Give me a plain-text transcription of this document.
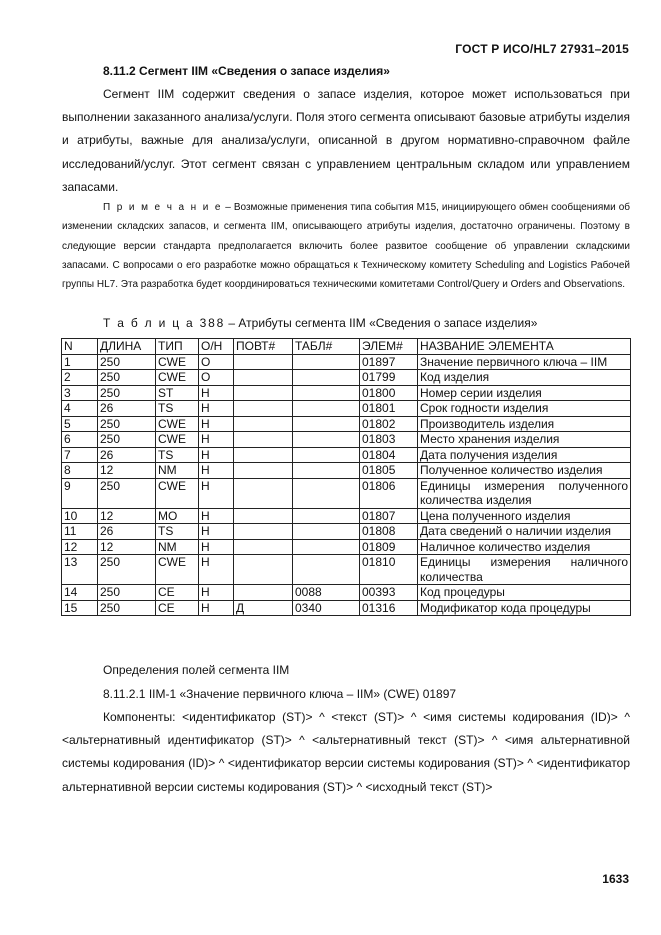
ГОСТ Р ИСО/HL7 27931–2015
8.11.2 Сегмент IIM «Сведения о запасе изделия»
Сегмент IIM содержит сведения о запасе изделия, которое может использоваться при выполнении заказанного анализа/услуги. Поля этого сегмента описывают базовые атрибуты изделия и атрибуты, важные для анализа/услуги, описанной в другом нормативно-справочном файле исследований/услуг. Этот сегмент связан с управлением центральным складом или управлением запасами.
П р и м е ч а н и е – Возможные применения типа события M15, инициирующего обмен сообщениями об изменении складских запасов, и сегмента IIM, описывающего атрибуты изделия, достаточно ограничены. Поэтому в следующие версии стандарта предполагается включить более развитое сообщение об управлении складскими запасами. С вопросами о его разработке можно обращаться к Техническому комитету Scheduling and Logistics Рабочей группы HL7. Эта разработка будет координироваться техническими комитетами Control/Query и Orders and Observations.
Т а б л и ц а 388 – Атрибуты сегмента IIM «Сведения о запасе изделия»
N	ДЛИНА	ТИП	О/Н	ПОВТ#	ТАБЛ#	ЭЛЕМ#	НАЗВАНИЕ ЭЛЕМЕНТА
1	250	CWE	О			01897	Значение первичного ключа – IIM
2	250	CWE	О			01799	Код изделия
3	250	ST	Н			01800	Номер серии изделия
4	26	TS	Н			01801	Срок годности изделия
5	250	CWE	Н			01802	Производитель изделия
6	250	CWE	Н			01803	Место хранения изделия
7	26	TS	Н			01804	Дата получения изделия
8	12	NM	Н			01805	Полученное количество изделия
9	250	CWE	Н			01806	Единицы измерения полученного количества изделия
10	12	MO	Н			01807	Цена полученного изделия
11	26	TS	Н			01808	Дата сведений о наличии изделия
12	12	NM	Н			01809	Наличное количество изделия
13	250	CWE	Н			01810	Единицы измерения наличного количества
14	250	CE	Н		0088	00393	Код процедуры
15	250	CE	Н	Д	0340	01316	Модификатор кода процедуры
Определения полей сегмента IIM
8.11.2.1 IIM-1 «Значение первичного ключа – IIM» (CWE) 01897
Компоненты: <идентификатор (ST)> ^ <текст (ST)> ^ <имя системы кодирования (ID)> ^ <альтернативный идентификатор (ST)> ^ <альтернативный текст (ST)> ^ <имя альтернативной системы кодирования (ID)> ^ <идентификатор версии системы кодирования (ST)> ^ <идентификатор альтернативной версии системы кодирования (ST)> ^ <исходный текст (ST)>
1633
